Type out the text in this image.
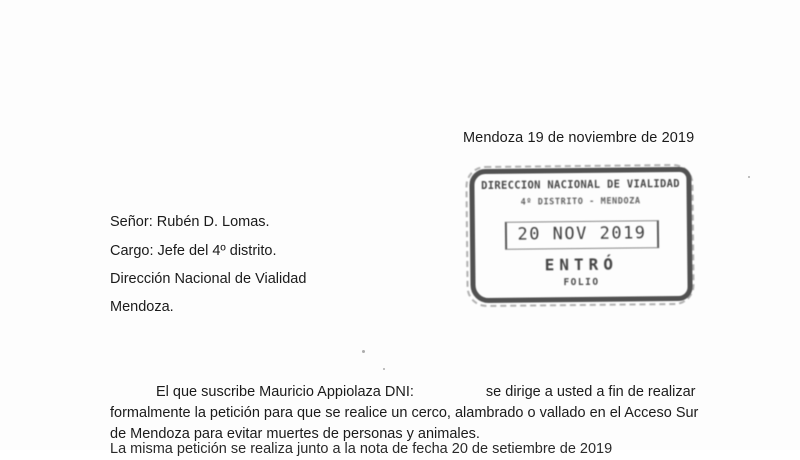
Mendoza 19 de noviembre de 2019
Señor: Rubén D. Lomas.
Cargo: Jefe del 4º distrito.
Dirección Nacional de Vialidad
Mendoza.
DIRECCION NACIONAL DE VIALIDAD
4º DISTRITO - MENDOZA
20 NOV 2019
ENTRÓ
FOLIO
El que suscribe Mauricio Appiolaza DNI:	se dirige a usted a fin de realizar
formalmente la petición para que se realice un cerco, alambrado o vallado en el Acceso Sur
de Mendoza para evitar muertes de personas y animales.
La misma petición se realiza junto a la nota de fecha 20 de setiembre de 2019
